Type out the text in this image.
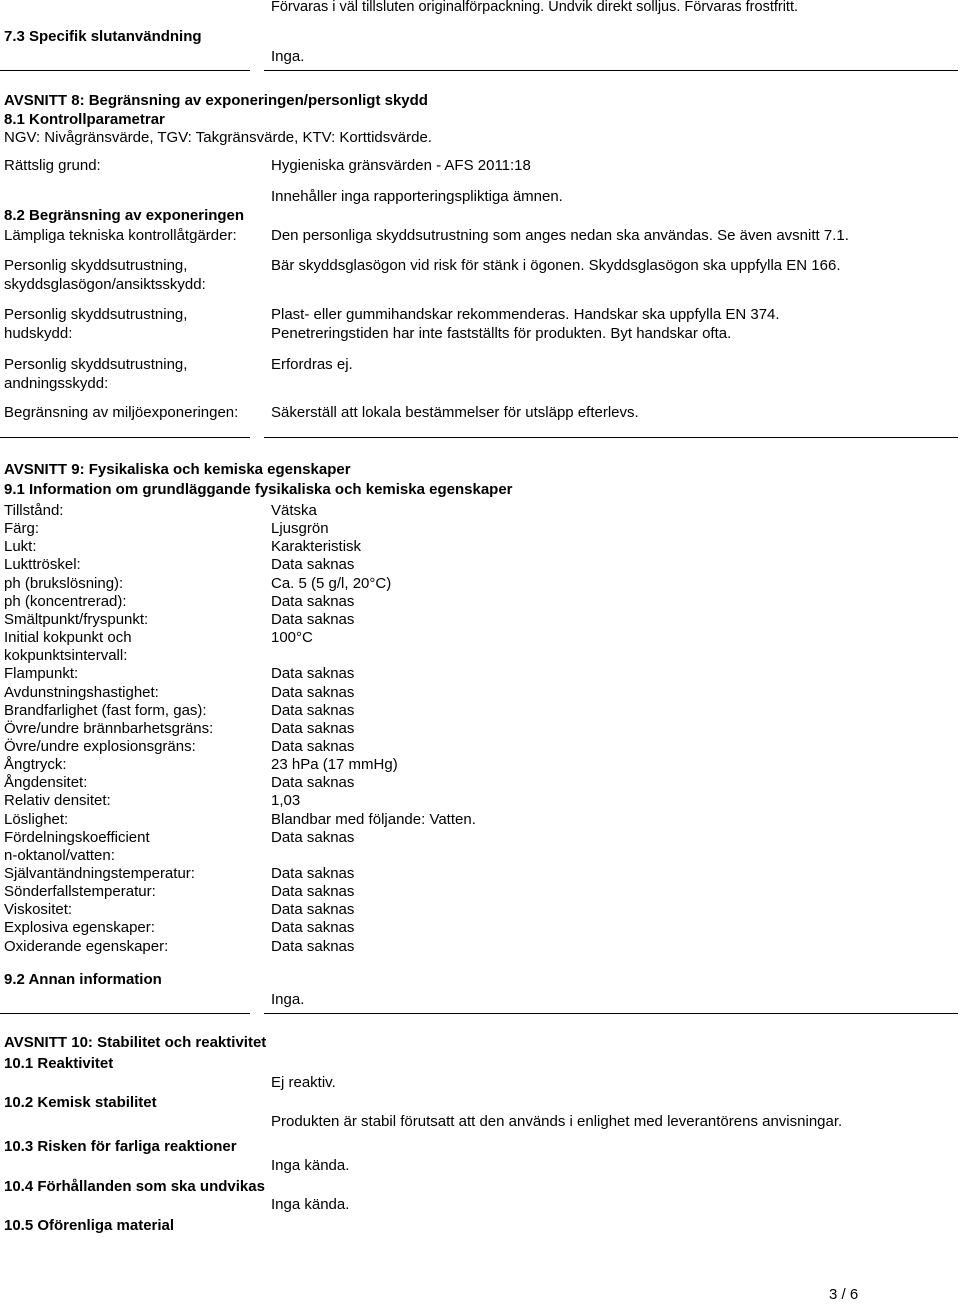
Förvaras i väl tillsluten originalförpackning. Undvik direkt solljus. Förvaras frostfritt.
7.3 Specifik slutanvändning
Inga.
AVSNITT 8: Begränsning av exponeringen/personligt skydd
8.1 Kontrollparametrar
NGV: Nivågränsvärde, TGV: Takgränsvärde, KTV: Korttidsvärde.
Rättslig grund:	Hygieniska gränsvärden - AFS 2011:18
Innehåller inga rapporteringspliktiga ämnen.
8.2 Begränsning av exponeringen
Lämpliga tekniska kontrollåtgärder: Den personliga skyddsutrustning som anges nedan ska användas. Se även avsnitt 7.1.
Personlig skyddsutrustning,
skyddsglasögon/ansiktsskydd:
Bär skyddsglasögon vid risk för stänk i ögonen. Skyddsglasögon ska uppfylla EN 166.
Personlig skyddsutrustning,
hudskydd:
Plast- eller gummihandskar rekommenderas. Handskar ska uppfylla EN 374.
Penetreringstiden har inte fastställts för produkten. Byt handskar ofta.
Personlig skyddsutrustning,
andningsskydd:
Erfordras ej.
Begränsning av miljöexponeringen: Säkerställ att lokala bestämmelser för utsläpp efterlevs.
AVSNITT 9: Fysikaliska och kemiska egenskaper
9.1 Information om grundläggande fysikaliska och kemiska egenskaper
Tillstånd:	Vätska
Färg:	Ljusgrön
Lukt:	Karakteristisk
Lukttröskel:	Data saknas
ph (brukslösning):	Ca. 5 (5 g/l, 20°C)
ph (koncentrerad):	Data saknas
Smältpunkt/fryspunkt:	Data saknas
Initial kokpunkt och	100°C
kokpunktsintervall:
Flampunkt:	Data saknas
Avdunstningshastighet:	Data saknas
Brandfarlighet (fast form, gas):	Data saknas
Övre/undre brännbarhetsgräns:	Data saknas
Övre/undre explosionsgräns:	Data saknas
Ångtryck:	23 hPa (17 mmHg)
Ångdensitet:	Data saknas
Relativ densitet:	1,03
Löslighet:	Blandbar med följande: Vatten.
Fördelningskoefficient	Data saknas
n-oktanol/vatten:
Självantändningstemperatur:	Data saknas
Sönderfallstemperatur:	Data saknas
Viskositet:	Data saknas
Explosiva egenskaper:	Data saknas
Oxiderande egenskaper:	Data saknas
9.2 Annan information
Inga.
AVSNITT 10: Stabilitet och reaktivitet
10.1 Reaktivitet
Ej reaktiv.
10.2 Kemisk stabilitet
Produkten är stabil förutsatt att den används i enlighet med leverantörens anvisningar.
10.3 Risken för farliga reaktioner
Inga kända.
10.4 Förhållanden som ska undvikas
Inga kända.
10.5 Oförenliga material
3 / 6
